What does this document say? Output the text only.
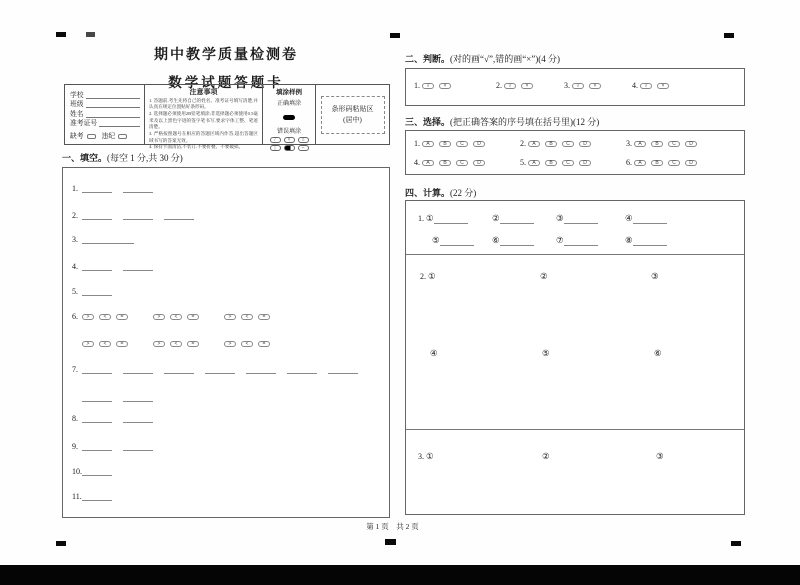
期中教学质量检测卷
数学试题答题卡
学校
班级
姓名
准考证号
缺考	违纪
注意事项
1. 答题前,考生先将自己的姓名、准考证号填写清楚,并认真在规定位置贴好条形码。
2. 选择题必须使用2B铅笔填涂;非选择题必须使用0.5毫米及以上黑色字迹的签字笔书写,要求字体工整、笔迹清楚。
3. 严格按照题号在相应的答题区域内作答,超出答题区域书写的答案无效。
4. 保持卡面清洁,不装订,不要折叠、不要破损。
填涂样例
正确填涂
错误填涂
/	×	○
|	~
条形码粘贴区
(居中)
一、填空。(每空 1 分,共 30 分)
1.
2.
3.
4.
5.
6. >	<	=	>	<	=	>	<	=
>	<	=	>	<	=	>	<	=
7.
8.
9.
10.
11.
二、判断。(对的画“√”,错的画“×”)(4 分)
1. √	×	2. √	×	3. √	×	4. √	×
三、选择。(把正确答案的序号填在括号里)(12 分)
1. A	B	C	D	2. A	B	C	D	3. A	B	C	D
4. A	B	C	D	5. A	B	C	D	6. A	B	C	D
四、计算。(22 分)
1. ①	②	③	④
⑤	⑥	⑦	⑧
2. ①	②	③
④	⑤	⑥
3. ①	②	③
第 1 页　共 2 页
